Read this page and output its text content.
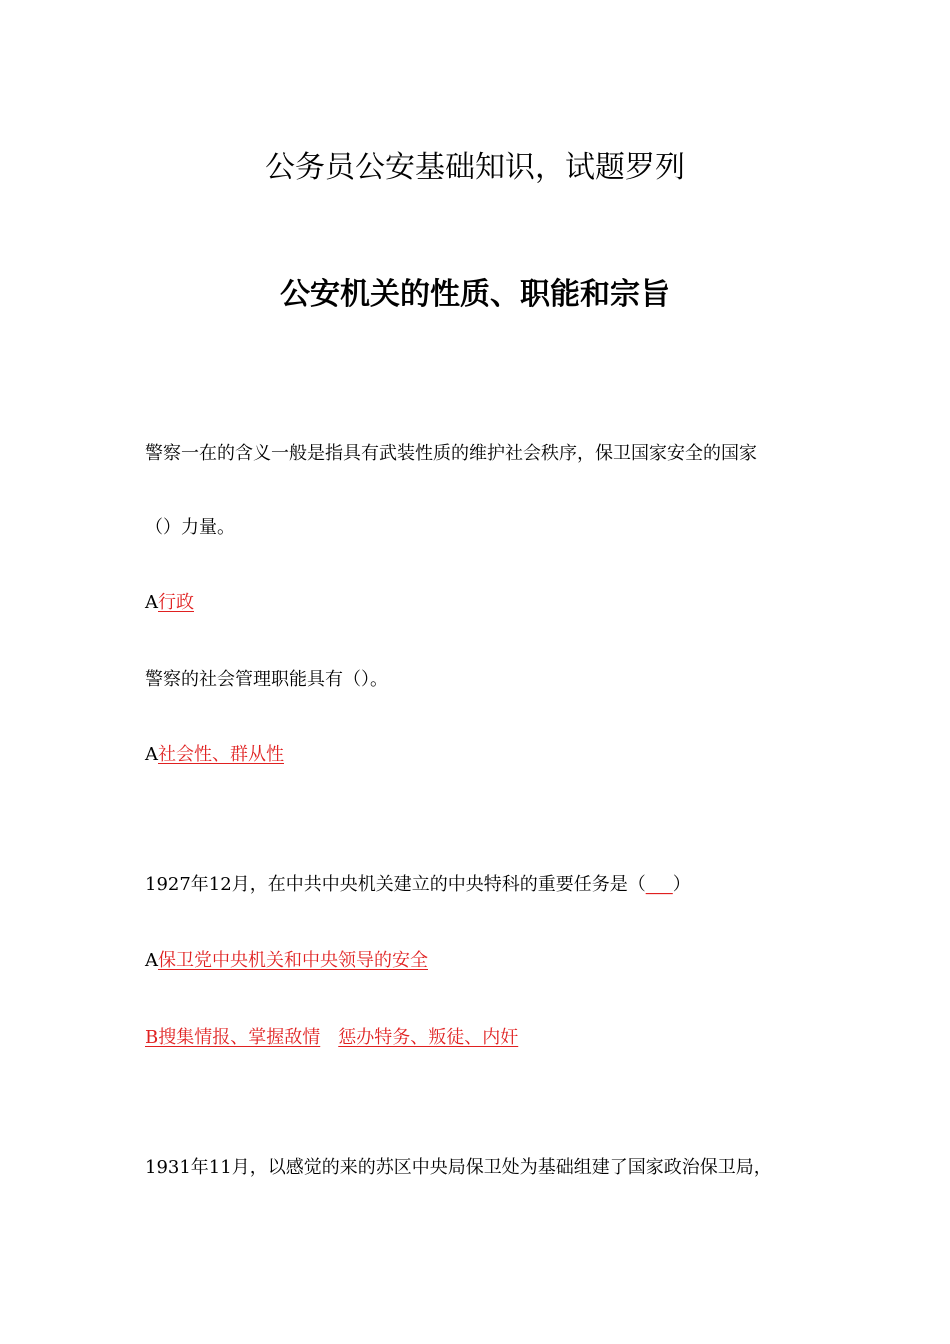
公务员公安基础知识，试题罗列
公安机关的性质、职能和宗旨
警察一在的含义一般是指具有武装性质的维护社会秩序，保卫国家安全的国家
（）力量。
A行政
警察的社会管理职能具有（）。
A社会性、群从性
1927年12月，在中共中央机关建立的中央特科的重要任务是（___）
A保卫党中央机关和中央领导的安全
B搜集情报、掌握敌情 惩办特务、叛徒、内奸
1931年11月，以感觉的来的苏区中央局保卫处为基础组建了国家政治保卫局，
